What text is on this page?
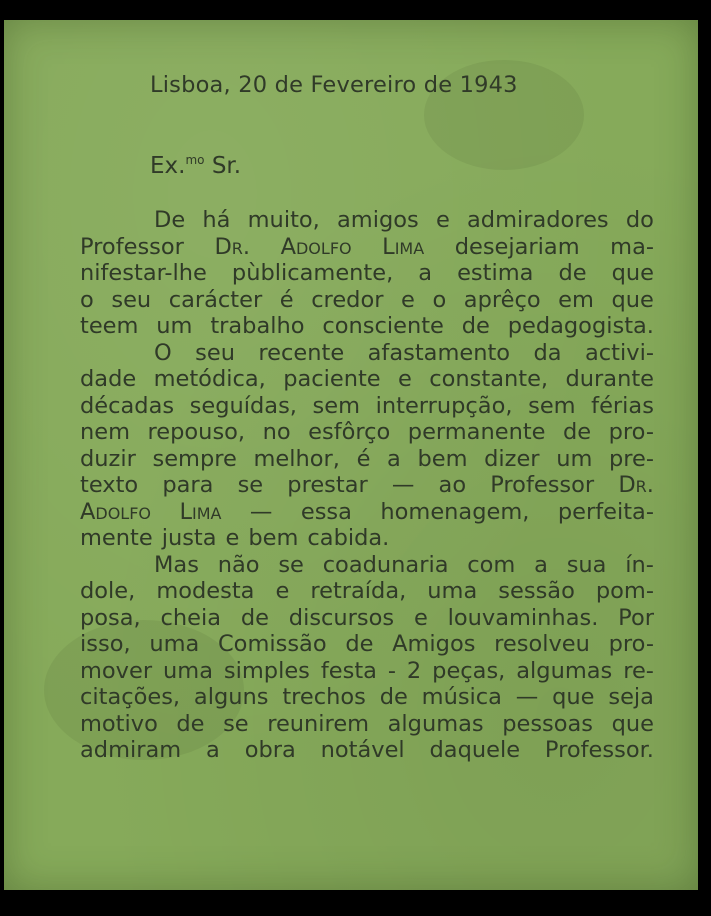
Lisboa, 20 de Fevereiro de 1943
Ex.$^{mo}$ Sr.
De há muito, amigos e admiradores do
Professor Dr. Adolfo Lima desejariam ma-
nifestar-lhe pùblicamente, a estima de que
o seu carácter é credor e o aprêço em que
teem um trabalho consciente de pedagogista.
O seu recente afastamento da activi-
dade metódica, paciente e constante, durante
décadas seguídas, sem interrupção, sem férias
nem repouso, no esfôrço permanente de pro-
duzir sempre melhor, é a bem dizer um pre-
texto para se prestar — ao Professor Dr.
Adolfo Lima — essa homenagem, perfeita-
mente justa e bem cabida.
Mas não se coadunaria com a sua ín-
dole, modesta e retraída, uma sessão pom-
posa, cheia de discursos e louvaminhas. Por
isso, uma Comissão de Amigos resolveu pro-
mover uma simples festa - 2 peças, algumas re-
citações, alguns trechos de música — que seja
motivo de se reunirem algumas pessoas que
admiram a obra notável daquele Professor.
